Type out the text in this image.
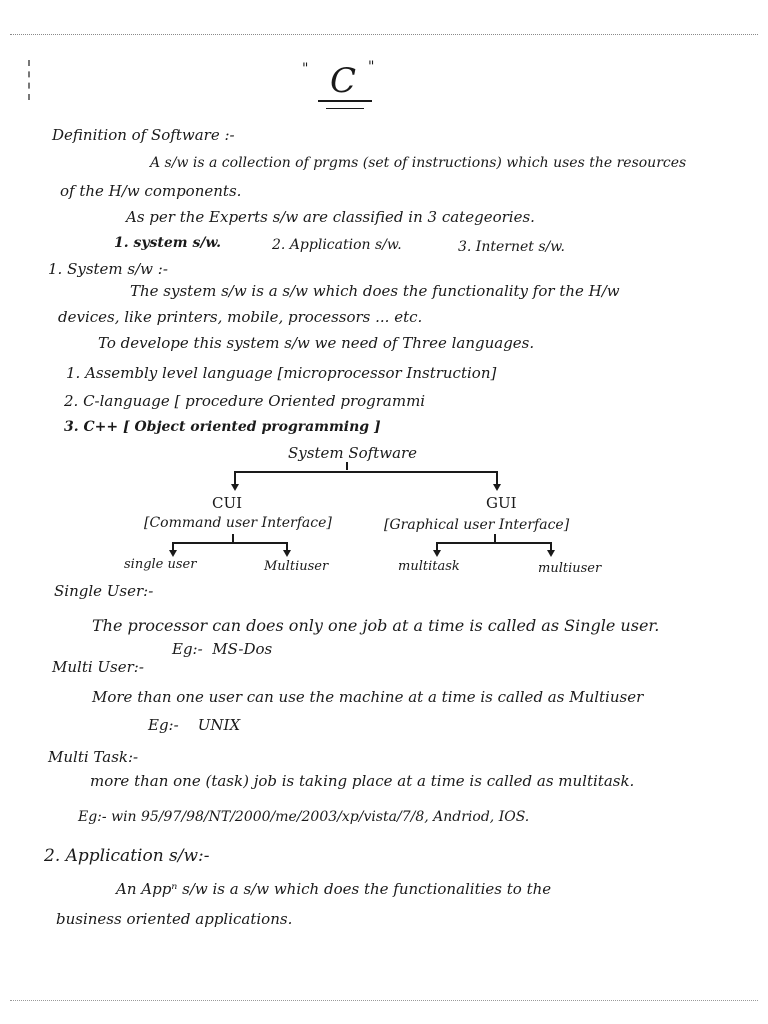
" C "
Definition of Software :-
A s/w is a collection of prgms (set of instructions) which uses the resources
of the H/w components.
As per the Experts s/w are classified in 3 categeories.
1. system s/w.	2. Application s/w.	3. Internet s/w.
1. System s/w :-
The system s/w is a s/w which does the functionality for the H/w
devices, like printers, mobile, processors ... etc.
To develope this system s/w we need of Three languages.
1. Assembly level language [microprocessor Instruction]
2. C-language [ procedure Oriented programmi
3. C++ [ Object oriented programming ]
System Software
CUI	GUI
[Command user Interface]	[Graphical user Interface]
single user	Multiuser	multitask	multiuser
Single User:-
The processor can does only one job at a time is called as Single user.
Eg:-  MS-Dos
Multi User:-
More than one user can use the machine at a time is called as Multiuser
Eg:-    UNIX
Multi Task:-
more than one (task) job is taking place at a time is called as multitask.
Eg:- win 95/97/98/NT/2000/me/2003/xp/vista/7/8, Andriod, IOS.
2. Application s/w:-
An Appⁿ s/w is a s/w which does the functionalities to the
business oriented applications.
